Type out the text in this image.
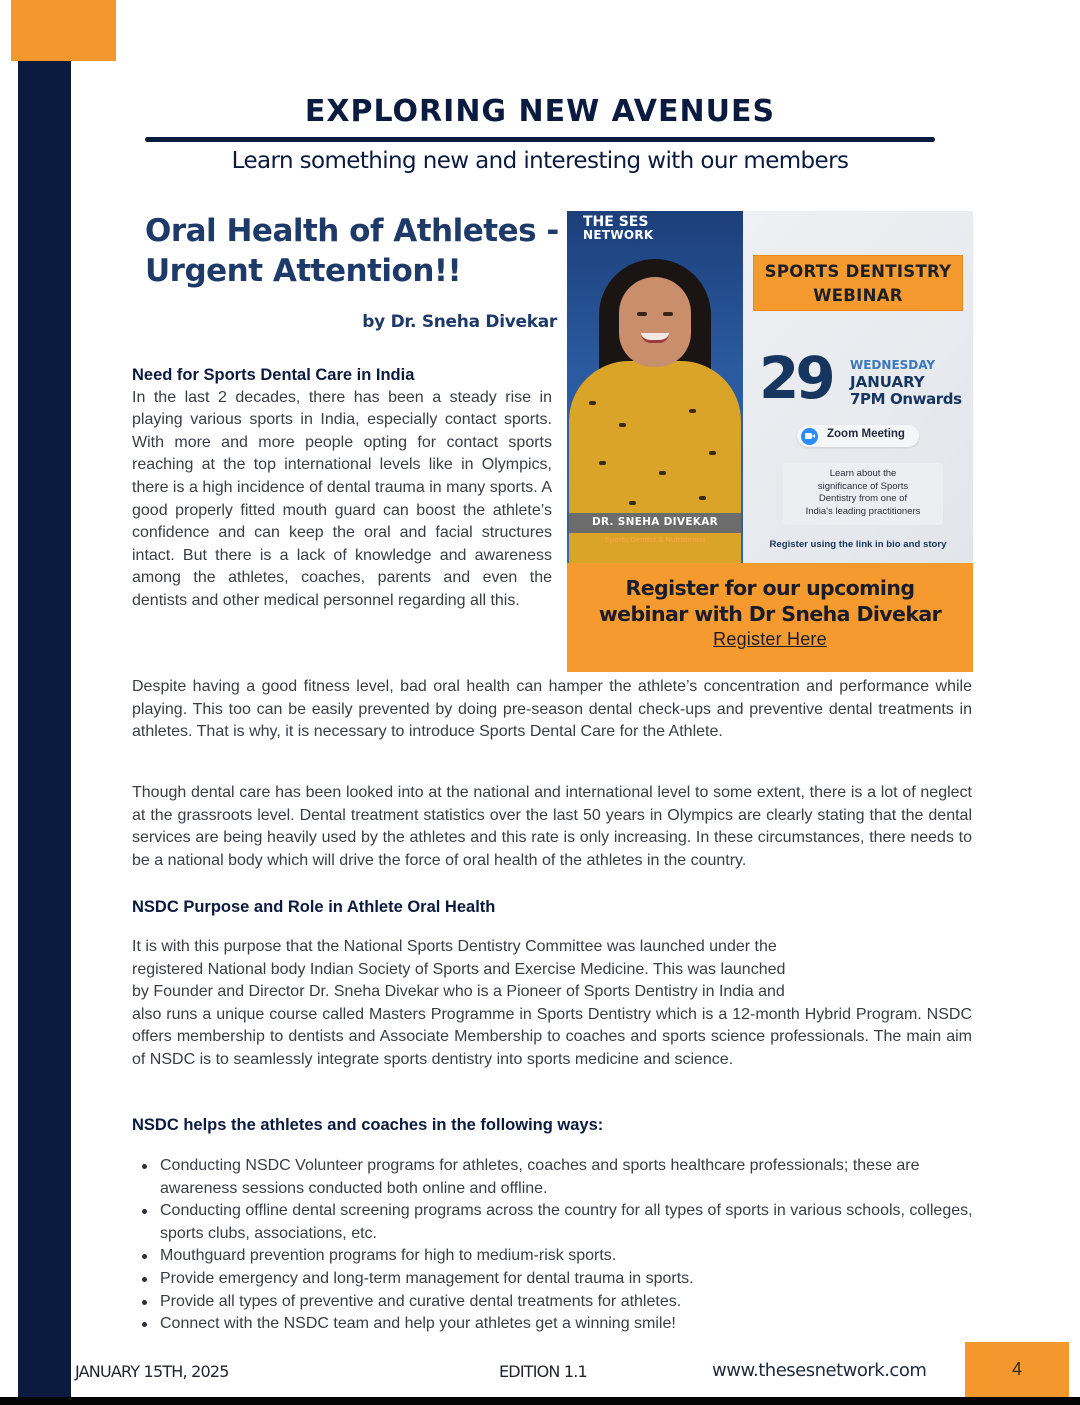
EXPLORING NEW AVENUES
Learn something new and interesting with our members
Oral Health of Athletes -
Urgent Attention!!
by Dr. Sneha Divekar
Need for Sports Dental Care in India
In the last 2 decades, there has been a steady rise in playing various sports in India, especially contact sports. With more and more people opting for contact sports reaching at the top international levels like in Olympics, there is a high incidence of dental trauma in many sports. A good properly fitted mouth guard can boost the athlete’s confidence and can keep the oral and facial structures intact. But there is a lack of knowledge and awareness among the athletes, coaches, parents and even the dentists and other medical personnel regarding all this.
THE SES
NETWORK
DR. SNEHA DIVEKAR
Sports Dentist & Nutritionist
SPORTS DENTISTRY
WEBINAR
29 WEDNESDAY
JANUARY
7PM Onwards
Zoom Meeting
Learn about the
significance of Sports
Dentistry from one of
India's leading practitioners
Register using the link in bio and story
Register for our upcoming
webinar with Dr Sneha Divekar
Register Here
Despite having a good fitness level, bad oral health can hamper the athlete’s concentration and performance while playing. This too can be easily prevented by doing pre-season dental check-ups and preventive dental treatments in athletes. That is why, it is necessary to introduce Sports Dental Care for the Athlete.
Though dental care has been looked into at the national and international level to some extent, there is a lot of neglect at the grassroots level. Dental treatment statistics over the last 50 years in Olympics are clearly stating that the dental services are being heavily used by the athletes and this rate is only increasing. In these circumstances, there needs to be a national body which will drive the force of oral health of the athletes in the country.
NSDC Purpose and Role in Athlete Oral Health
It is with this purpose that the National Sports Dentistry Committee was launched under the
registered National body Indian Society of Sports and Exercise Medicine. This was launched
by Founder and Director Dr. Sneha Divekar who is a Pioneer of Sports Dentistry in India and
also runs a unique course called Masters Programme in Sports Dentistry which is a 12-month Hybrid Program. NSDC offers membership to dentists and Associate Membership to coaches and sports science professionals. The main aim of NSDC is to seamlessly integrate sports dentistry into sports medicine and science.
NSDC helps the athletes and coaches in the following ways:
Conducting NSDC Volunteer programs for athletes, coaches and sports healthcare professionals; these are awareness sessions conducted both online and offline.
Conducting offline dental screening programs across the country for all types of sports in various schools, colleges, sports clubs, associations, etc.
Mouthguard prevention programs for high to medium-risk sports.
Provide emergency and long-term management for dental trauma in sports.
Provide all types of preventive and curative dental treatments for athletes.
Connect with the NSDC team and help your athletes get a winning smile!
JANUARY 15TH, 2025	EDITION 1.1	www.thesesnetwork.com	4
